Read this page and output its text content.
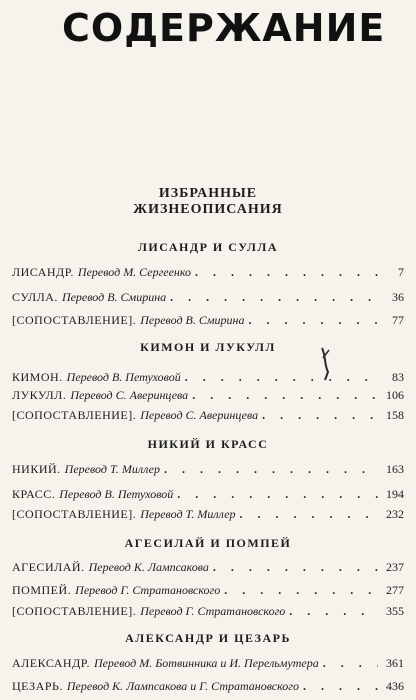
СОДЕРЖАНИЕ
ИЗБРАННЫЕ
ЖИЗНЕОПИСАНИЯ
ЛИСАНДР И СУЛЛА
ЛИСАНДР. Перевод М. Сергеенко . . .	7
СУЛЛА. Перевод В. Смирина . . .	36
[СОПОСТАВЛЕНИЕ]. Перевод В. Смирина . . .	77
КИМОН И ЛУКУЛЛ
КИМОН. Перевод В. Петуховой . . .	83
ЛУКУЛЛ. Перевод С. Аверинцева . . .	106
[СОПОСТАВЛЕНИЕ]. Перевод С. Аверинцева . . .	158
НИКИЙ И КРАСС
НИКИЙ. Перевод Т. Миллер . . .	163
КРАСС. Перевод В. Петуховой . . .	194
[СОПОСТАВЛЕНИЕ]. Перевод Т. Миллер . . .	232
АГЕСИЛАЙ И ПОМПЕЙ
АГЕСИЛАЙ. Перевод К. Лампсакова . . .	237
ПОМПЕЙ. Перевод Г. Стратановского . . .	277
[СОПОСТАВЛЕНИЕ]. Перевод Г. Стратановского . . .	355
АЛЕКСАНДР И ЦЕЗАРЬ
АЛЕКСАНДР. Перевод М. Ботвинника и И. Перельмутера . . .	361
ЦЕЗАРЬ. Перевод К. Лампсакова и Г. Стратановского . . .	436
